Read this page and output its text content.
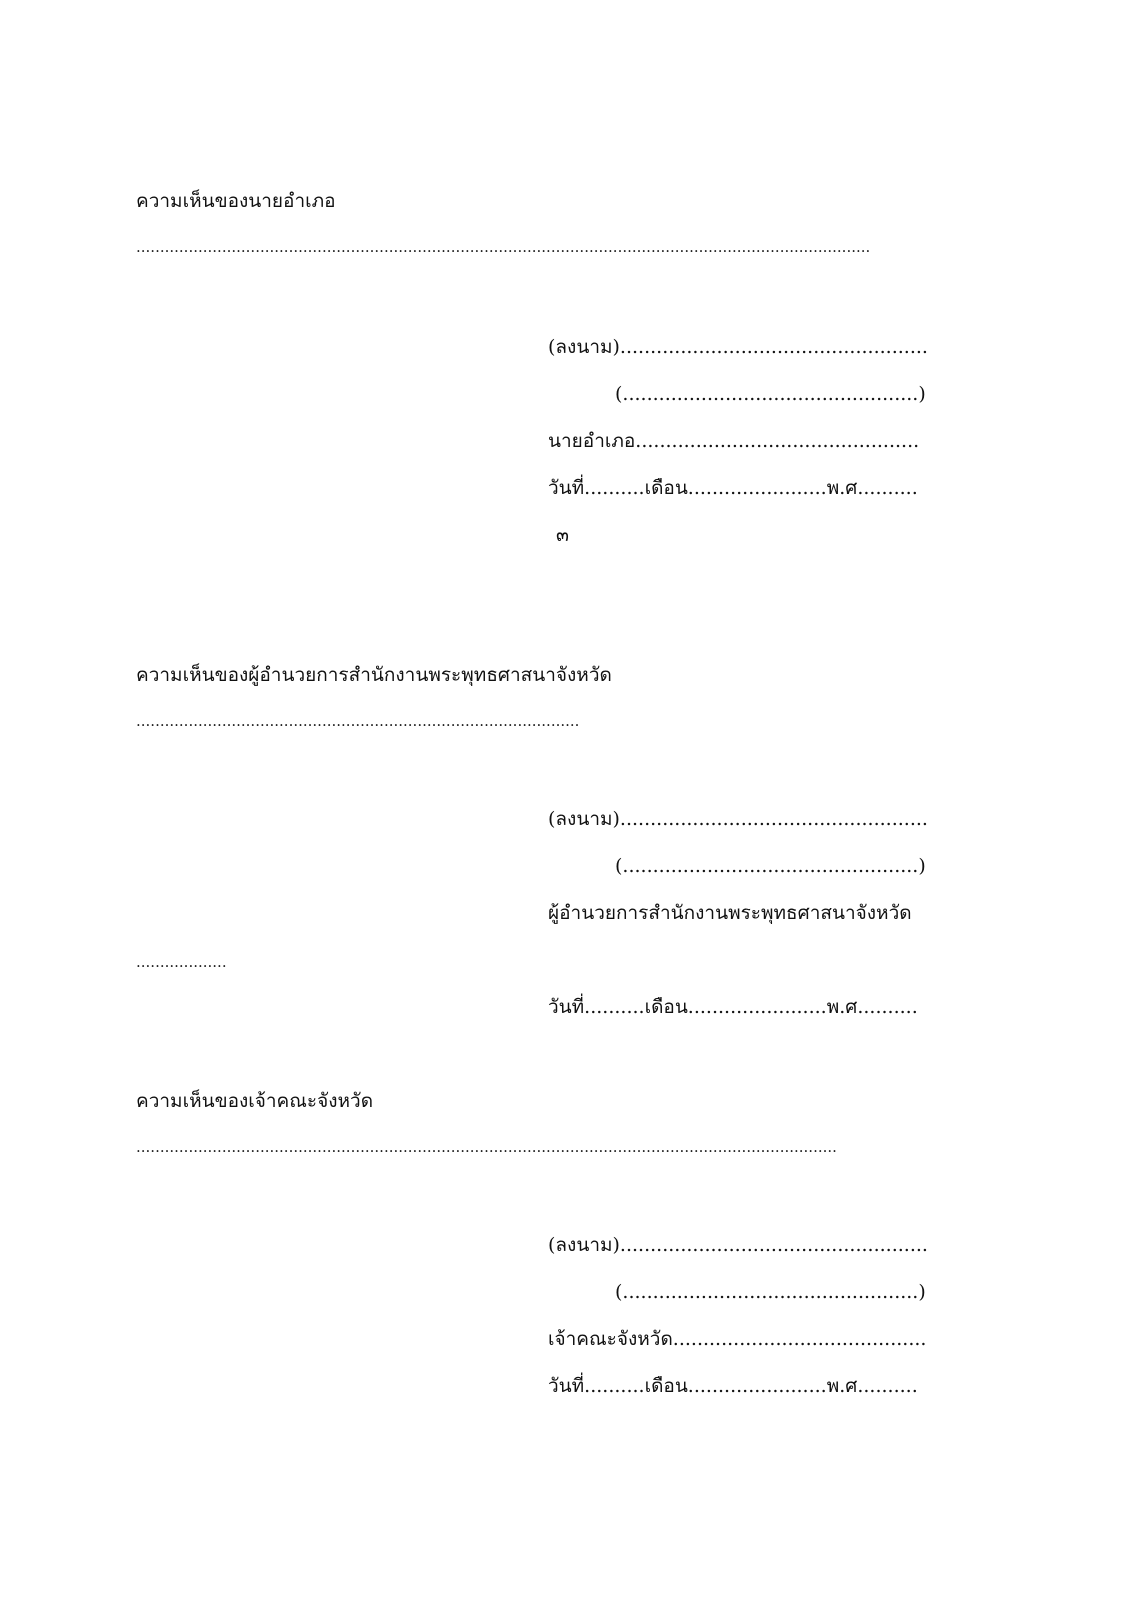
ความเห็นของนายอำเภอ
..........................................................................................................................................................
(ลงนาม)...................................................
(.................................................)
นายอำเภอ...............................................
วันที่..........เดือน.......................พ.ศ..........
๓
ความเห็นของผู้อำนวยการสำนักงานพระพุทธศาสนาจังหวัด
.............................................................................................
(ลงนาม)...................................................
(.................................................)
ผู้อำนวยการสำนักงานพระพุทธศาสนาจังหวัด
...................
วันที่..........เดือน.......................พ.ศ..........
ความเห็นของเจ้าคณะจังหวัด
...................................................................................................................................................
(ลงนาม)...................................................
(.................................................)
เจ้าคณะจังหวัด..........................................
วันที่..........เดือน.......................พ.ศ..........
